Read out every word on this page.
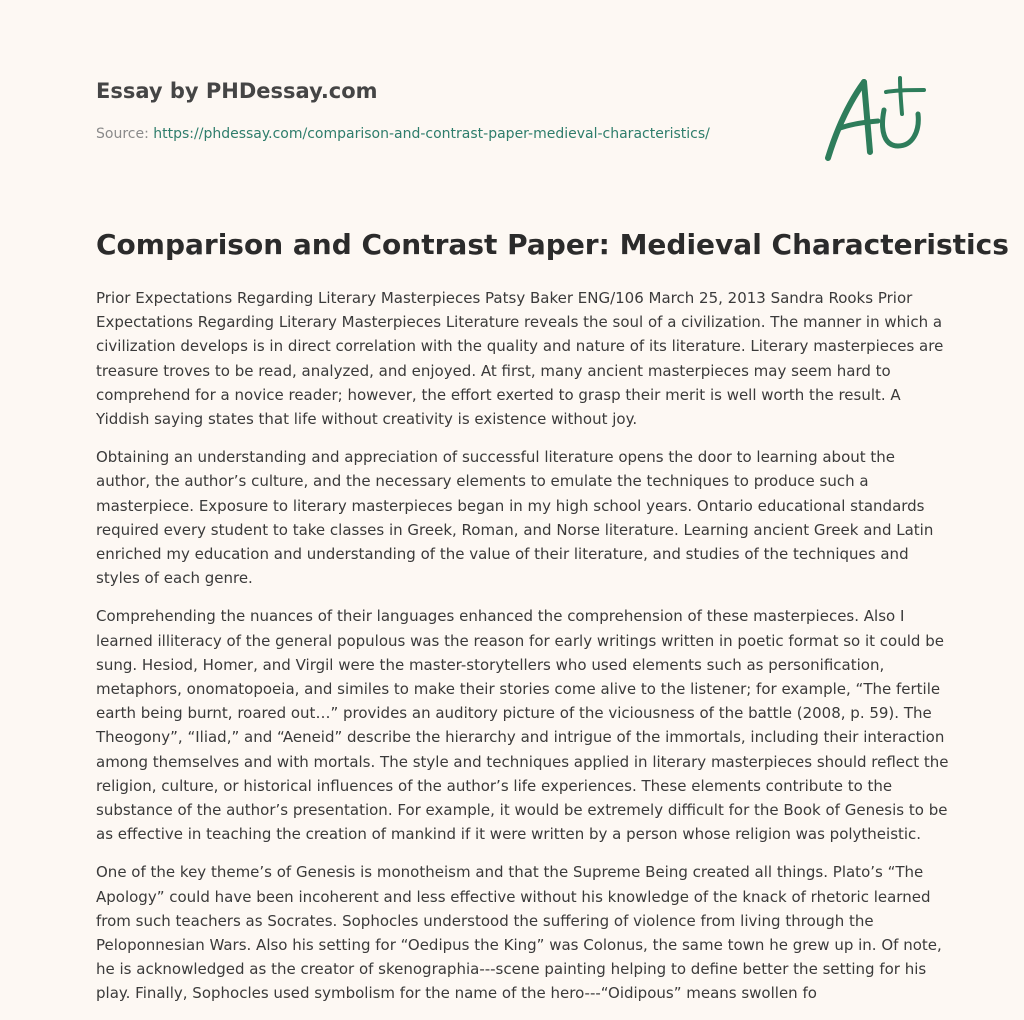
Essay by PHDessay.com
Source: https://phdessay.com/comparison-and-contrast-paper-medieval-characteristics/
Comparison and Contrast Paper: Medieval Characteristics

Prior Expectations Regarding Literary Masterpieces Patsy Baker ENG/106 March 25, 2013 Sandra Rooks Prior
Expectations Regarding Literary Masterpieces Literature reveals the soul of a civilization. The manner in which a
civilization develops is in direct correlation with the quality and nature of its literature. Literary masterpieces are
treasure troves to be read, analyzed, and enjoyed. At first, many ancient masterpieces may seem hard to
comprehend for a novice reader; however, the effort exerted to grasp their merit is well worth the result. A
Yiddish saying states that life without creativity is existence without joy.

Obtaining an understanding and appreciation of successful literature opens the door to learning about the
author, the author’s culture, and the necessary elements to emulate the techniques to produce such a
masterpiece. Exposure to literary masterpieces began in my high school years. Ontario educational standards
required every student to take classes in Greek, Roman, and Norse literature. Learning ancient Greek and Latin
enriched my education and understanding of the value of their literature, and studies of the techniques and
styles of each genre.

Comprehending the nuances of their languages enhanced the comprehension of these masterpieces. Also I
learned illiteracy of the general populous was the reason for early writings written in poetic format so it could be
sung. Hesiod, Homer, and Virgil were the master-storytellers who used elements such as personification,
metaphors, onomatopoeia, and similes to make their stories come alive to the listener; for example, “The fertile
earth being burnt, roared out…” provides an auditory picture of the viciousness of the battle (2008, p. 59). The
Theogony”, “Iliad,” and “Aeneid” describe the hierarchy and intrigue of the immortals, including their interaction
among themselves and with mortals. The style and techniques applied in literary masterpieces should reflect the
religion, culture, or historical influences of the author’s life experiences. These elements contribute to the
substance of the author’s presentation. For example, it would be extremely difficult for the Book of Genesis to be
as effective in teaching the creation of mankind if it were written by a person whose religion was polytheistic.

One of the key theme’s of Genesis is monotheism and that the Supreme Being created all things. Plato’s “The
Apology” could have been incoherent and less effective without his knowledge of the knack of rhetoric learned
from such teachers as Socrates. Sophocles understood the suffering of violence from living through the
Peloponnesian Wars. Also his setting for “Oedipus the King” was Colonus, the same town he grew up in. Of note,
he is acknowledged as the creator of skenographia---scene painting helping to define better the setting for his
play. Finally, Sophocles used symbolism for the name of the hero---“Oidipous” means swollen fo
